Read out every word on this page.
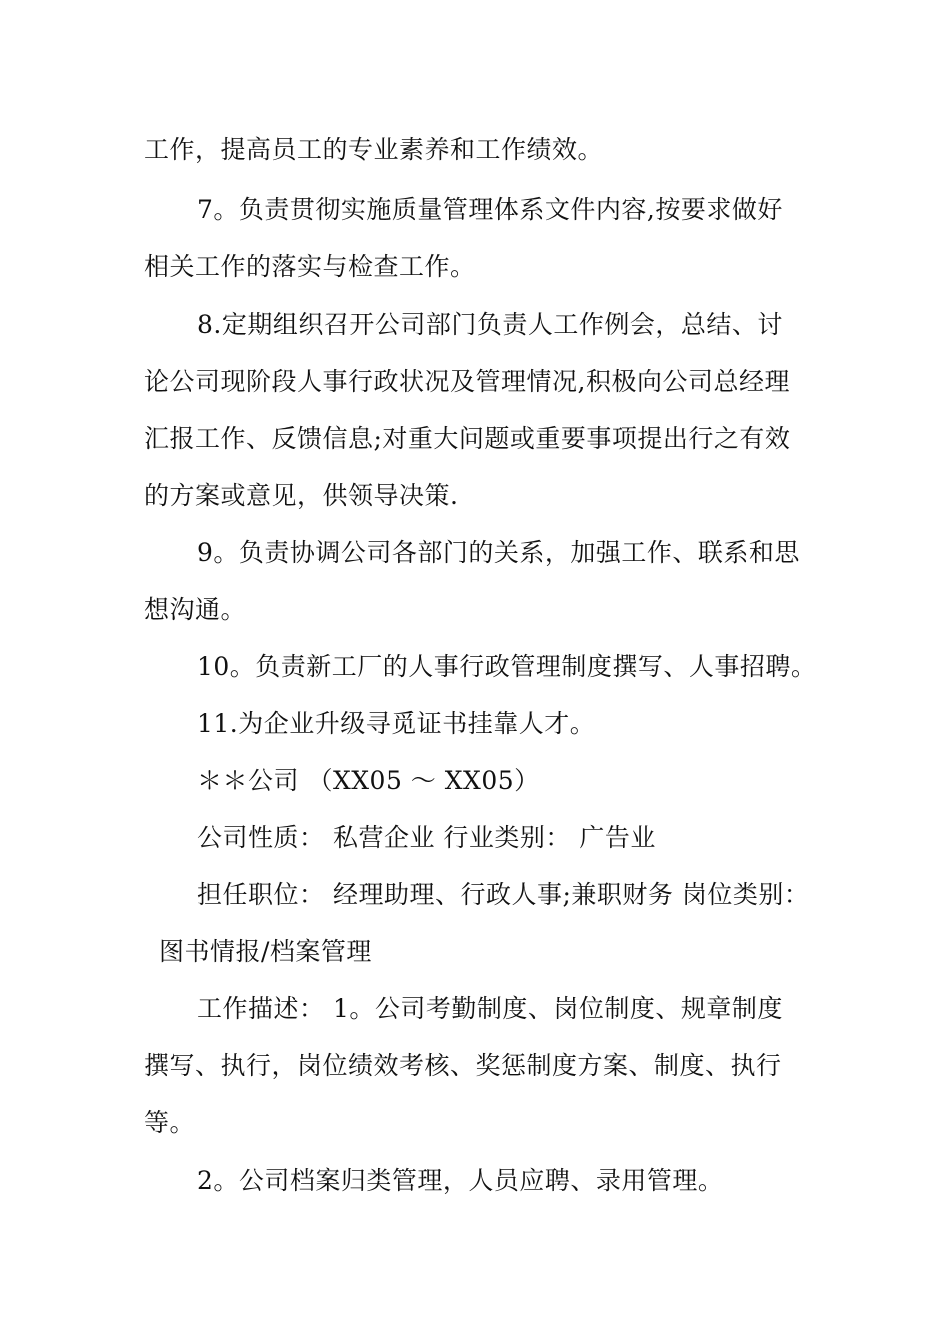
工作，提高员工的专业素养和工作绩效。
7。负责贯彻实施质量管理体系文件内容,按要求做好
相关工作的落实与检查工作。
8.定期组织召开公司部门负责人工作例会，总结、讨
论公司现阶段人事行政状况及管理情况,积极向公司总经理
汇报工作、反馈信息;对重大问题或重要事项提出行之有效
的方案或意见，供领导决策.
9。负责协调公司各部门的关系，加强工作、联系和思
想沟通。
10。负责新工厂的人事行政管理制度撰写、人事招聘。
11.为企业升级寻觅证书挂靠人才。
＊＊公司 （XX05 ～ XX05）
公司性质： 私营企业 行业类别： 广告业
担任职位： 经理助理、行政人事;兼职财务 岗位类别：
图书情报/档案管理
工作描述： 1。公司考勤制度、岗位制度、规章制度
撰写、执行，岗位绩效考核、奖惩制度方案、制度、执行
等。
2。公司档案归类管理，人员应聘、录用管理。
